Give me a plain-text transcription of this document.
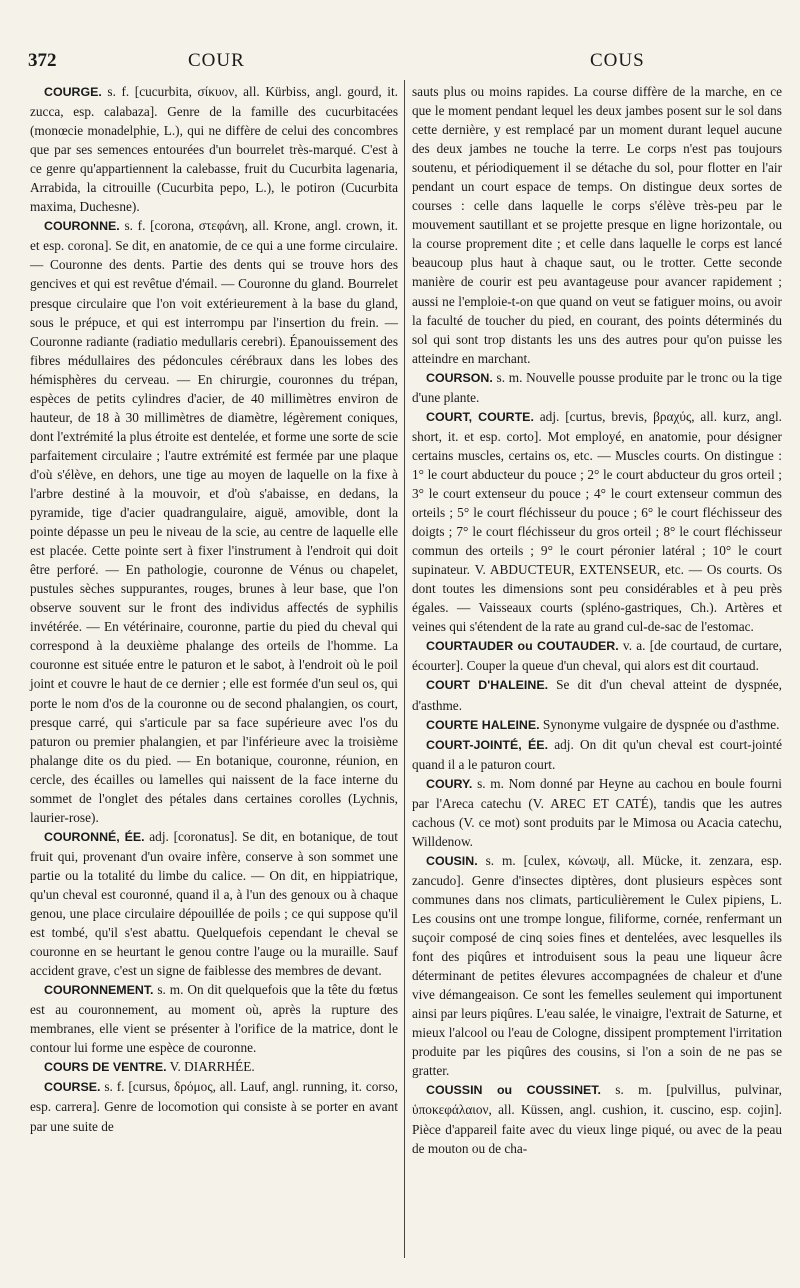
372	COUR	COUS

COURGE. s. f. [cucurbita, σίκυον, all. Kürbiss, angl. gourd, it. zucca, esp. calabaza]. Genre de la famille des cucurbitacées (monœcie monadelphie, L.), qui ne diffère de celui des concombres que par ses semences entourées d'un bourrelet très-marqué. C'est à ce genre qu'appartiennent la calebasse, fruit du Cucurbita lagenaria, Arrabida, la citrouille (Cucurbita pepo, L.), le potiron (Cucurbita maxima, Duchesne).

COURONNE. s. f. [corona, στεφάνη, all. Krone, angl. crown, it. et esp. corona]. Se dit, en anatomie, de ce qui a une forme circulaire. — Couronne des dents. Partie des dents qui se trouve hors des gencives et qui est revêtue d'émail. — Couronne du gland. Bourrelet presque circulaire que l'on voit extérieurement à la base du gland, sous le prépuce, et qui est interrompu par l'insertion du frein. — Couronne radiante (radiatio medullaris cerebri). Épanouissement des fibres médullaires des pédoncules cérébraux dans les lobes des hémisphères du cerveau. — En chirurgie, couronnes du trépan, espèces de petits cylindres d'acier, de 40 millimètres environ de hauteur, de 18 à 30 millimètres de diamètre, légèrement coniques, dont l'extrémité la plus étroite est dentelée, et forme une sorte de scie parfaitement circulaire ; l'autre extrémité est fermée par une plaque d'où s'élève, en dehors, une tige au moyen de laquelle on la fixe à l'arbre destiné à la mouvoir, et d'où s'abaisse, en dedans, la pyramide, tige d'acier quadrangulaire, aiguë, amovible, dont la pointe dépasse un peu le niveau de la scie, au centre de laquelle elle est placée. Cette pointe sert à fixer l'instrument à l'endroit qui doit être perforé. — En pathologie, couronne de Vénus ou chapelet, pustules sèches suppurantes, rouges, brunes à leur base, que l'on observe souvent sur le front des individus affectés de syphilis invétérée. — En vétérinaire, couronne, partie du pied du cheval qui correspond à la deuxième phalange des orteils de l'homme. La couronne est située entre le paturon et le sabot, à l'endroit où le poil joint et couvre le haut de ce dernier ; elle est formée d'un seul os, qui porte le nom d'os de la couronne ou de second phalangien, os court, presque carré, qui s'articule par sa face supérieure avec l'os du paturon ou premier phalangien, et par l'inférieure avec la troisième phalange dite os du pied. — En botanique, couronne, réunion, en cercle, des écailles ou lamelles qui naissent de la face interne du sommet de l'onglet des pétales dans certaines corolles (Lychnis, laurier-rose).

COURONNÉ, ÉE. adj. [coronatus]. Se dit, en botanique, de tout fruit qui, provenant d'un ovaire infère, conserve à son sommet une partie ou la totalité du limbe du calice. — On dit, en hippiatrique, qu'un cheval est couronné, quand il a, à l'un des genoux ou à chaque genou, une place circulaire dépouillée de poils ; ce qui suppose qu'il est tombé, qu'il s'est abattu. Quelquefois cependant le cheval se couronne en se heurtant le genou contre l'auge ou la muraille. Sauf accident grave, c'est un signe de faiblesse des membres de devant.

COURONNEMENT. s. m. On dit quelquefois que la tête du fœtus est au couronnement, au moment où, après la rupture des membranes, elle vient se présenter à l'orifice de la matrice, dont le contour lui forme une espèce de couronne.

COURS DE VENTRE. V. DIARRHÉE.

COURSE. s. f. [cursus, δρόμος, all. Lauf, angl. running, it. corso, esp. carrera]. Genre de locomotion qui consiste à se porter en avant par une suite de

sauts plus ou moins rapides. La course diffère de la marche, en ce que le moment pendant lequel les deux jambes posent sur le sol dans cette dernière, y est remplacé par un moment durant lequel aucune des deux jambes ne touche la terre. Le corps n'est pas toujours soutenu, et périodiquement il se détache du sol, pour flotter en l'air pendant un court espace de temps. On distingue deux sortes de courses : celle dans laquelle le corps s'élève très-peu par le mouvement sautillant et se projette presque en ligne horizontale, ou la course proprement dite ; et celle dans laquelle le corps est lancé beaucoup plus haut à chaque saut, ou le trotter. Cette seconde manière de courir est peu avantageuse pour avancer rapidement ; aussi ne l'emploie-t-on que quand on veut se fatiguer moins, ou avoir la faculté de toucher du pied, en courant, des points déterminés du sol qui sont trop distants les uns des autres pour qu'on puisse les atteindre en marchant.

COURSON. s. m. Nouvelle pousse produite par le tronc ou la tige d'une plante.

COURT, COURTE. adj. [curtus, brevis, βραχύς, all. kurz, angl. short, it. et esp. corto]. Mot employé, en anatomie, pour désigner certains muscles, certains os, etc. — Muscles courts. On distingue : 1° le court abducteur du pouce ; 2° le court abducteur du gros orteil ; 3° le court extenseur du pouce ; 4° le court extenseur commun des orteils ; 5° le court fléchisseur du pouce ; 6° le court fléchisseur des doigts ; 7° le court fléchisseur du gros orteil ; 8° le court fléchisseur commun des orteils ; 9° le court péronier latéral ; 10° le court supinateur. V. ABDUCTEUR, EXTENSEUR, etc. — Os courts. Os dont toutes les dimensions sont peu considérables et à peu près égales. — Vaisseaux courts (spléno-gastriques, Ch.). Artères et veines qui s'étendent de la rate au grand cul-de-sac de l'estomac.

COURTAUDER ou COUTAUDER. v. a. [de courtaud, de curtare, écourter]. Couper la queue d'un cheval, qui alors est dit courtaud.

COURT D'HALEINE. Se dit d'un cheval atteint de dyspnée, d'asthme.

COURTE HALEINE. Synonyme vulgaire de dyspnée ou d'asthme.

COURT-JOINTÉ, ÉE. adj. On dit qu'un cheval est court-jointé quand il a le paturon court.

COURY. s. m. Nom donné par Heyne au cachou en boule fourni par l'Areca catechu (V. AREC ET CATÉ), tandis que les autres cachous (V. ce mot) sont produits par le Mimosa ou Acacia catechu, Willdenow.

COUSIN. s. m. [culex, κώνωψ, all. Mücke, it. zenzara, esp. zancudo]. Genre d'insectes diptères, dont plusieurs espèces sont communes dans nos climats, particulièrement le Culex pipiens, L. Les cousins ont une trompe longue, filiforme, cornée, renfermant un suçoir composé de cinq soies fines et dentelées, avec lesquelles ils font des piqûres et introduisent sous la peau une liqueur âcre déterminant de petites élevures accompagnées de chaleur et d'une vive démangeaison. Ce sont les femelles seulement qui importunent ainsi par leurs piqûres. L'eau salée, le vinaigre, l'extrait de Saturne, et mieux l'alcool ou l'eau de Cologne, dissipent promptement l'irritation produite par les piqûres des cousins, si l'on a soin de ne pas se gratter.

COUSSIN ou COUSSINET. s. m. [pulvillus, pulvinar, ὑποκεφάλαιον, all. Küssen, angl. cushion, it. cuscino, esp. cojin]. Pièce d'appareil faite avec du vieux linge piqué, ou avec de la peau de mouton ou de cha-
